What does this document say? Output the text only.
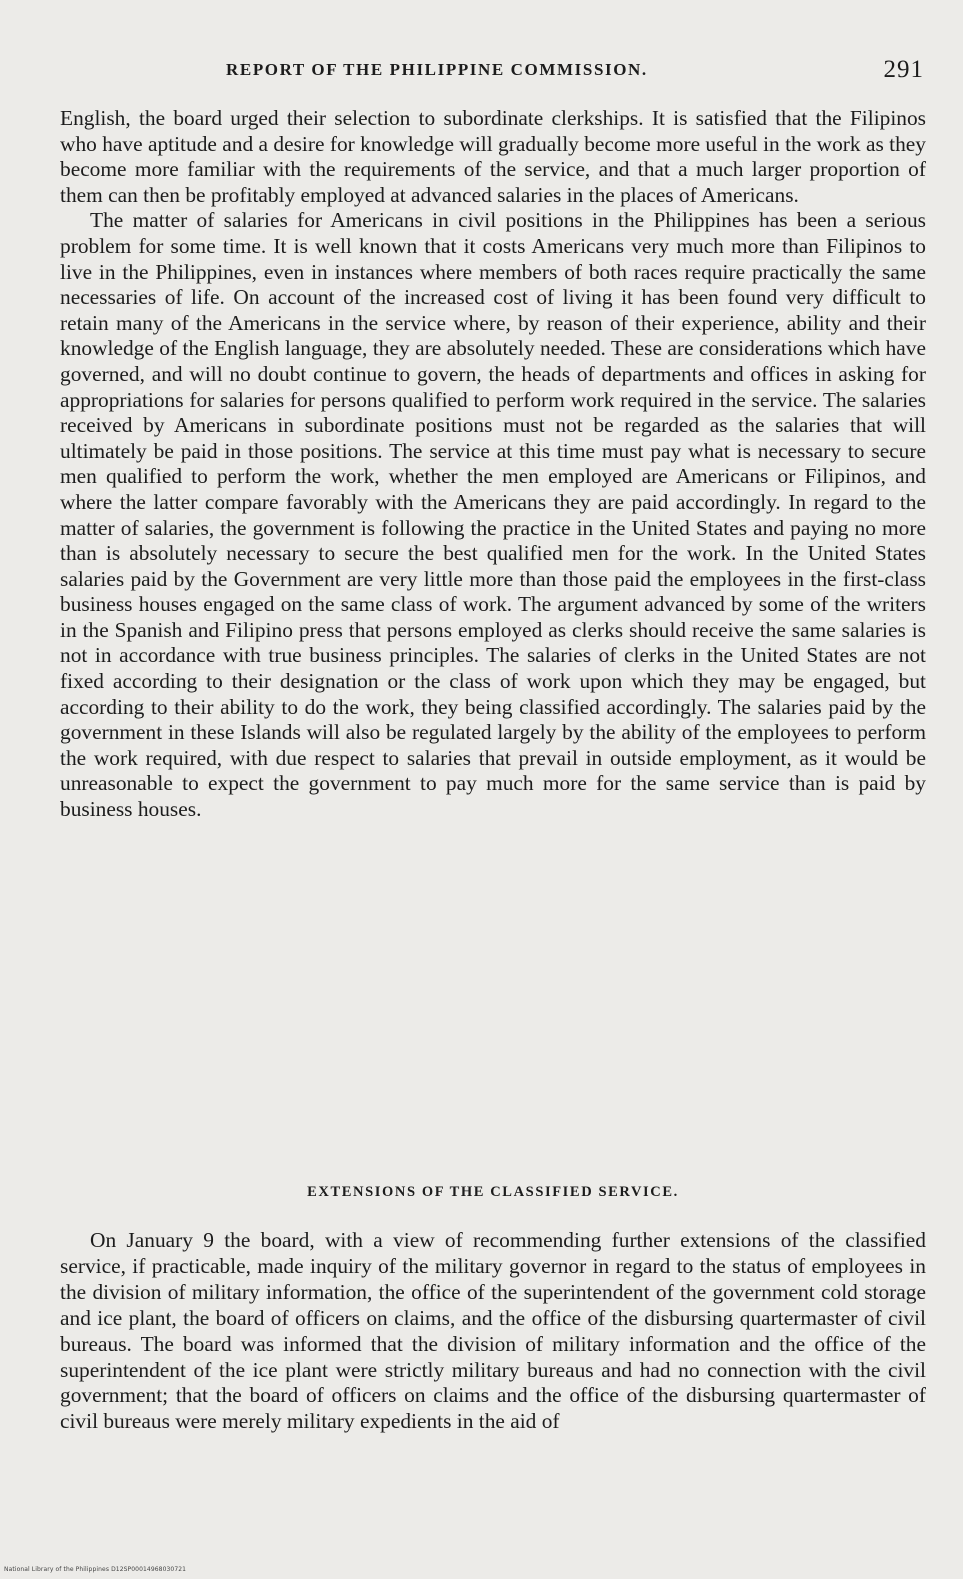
REPORT OF THE PHILIPPINE COMMISSION.	291

English, the board urged their selection to subordinate clerkships. It is satisfied that the Filipinos who have aptitude and a desire for knowledge will gradually become more useful in the work as they become more familiar with the requirements of the service, and that a much larger proportion of them can then be profitably employed at advanced salaries in the places of Americans.

The matter of salaries for Americans in civil positions in the Philippines has been a serious problem for some time. It is well known that it costs Americans very much more than Filipinos to live in the Philippines, even in instances where members of both races require practically the same necessaries of life. On account of the increased cost of living it has been found very difficult to retain many of the Americans in the service where, by reason of their experience, ability and their knowledge of the English language, they are absolutely needed. These are considerations which have governed, and will no doubt continue to govern, the heads of departments and offices in asking for appropriations for salaries for persons qualified to perform work required in the service. The salaries received by Americans in subordinate positions must not be regarded as the salaries that will ultimately be paid in those positions. The service at this time must pay what is necessary to secure men qualified to perform the work, whether the men employed are Americans or Filipinos, and where the latter compare favorably with the Americans they are paid accordingly. In regard to the matter of salaries, the government is following the practice in the United States and paying no more than is absolutely necessary to secure the best qualified men for the work. In the United States salaries paid by the Government are very little more than those paid the employees in the first-class business houses engaged on the same class of work. The argument advanced by some of the writers in the Spanish and Filipino press that persons employed as clerks should receive the same salaries is not in accordance with true business principles. The salaries of clerks in the United States are not fixed according to their designation or the class of work upon which they may be engaged, but according to their ability to do the work, they being classified accordingly. The salaries paid by the government in these Islands will also be regulated largely by the ability of the employees to perform the work required, with due respect to salaries that prevail in outside employment, as it would be unreasonable to expect the government to pay much more for the same service than is paid by business houses.

EXTENSIONS OF THE CLASSIFIED SERVICE.
On January 9 the board, with a view of recommending further extensions of the classified service, if practicable, made inquiry of the military governor in regard to the status of employees in the division of military information, the office of the superintendent of the government cold storage and ice plant, the board of officers on claims, and the office of the disbursing quartermaster of civil bureaus. The board was informed that the division of military information and the office of the superintendent of the ice plant were strictly military bureaus and had no connection with the civil government; that the board of officers on claims and the office of the disbursing quartermaster of civil bureaus were merely military expedients in the aid of
National Library of the Philippines D12SP00014968030721
